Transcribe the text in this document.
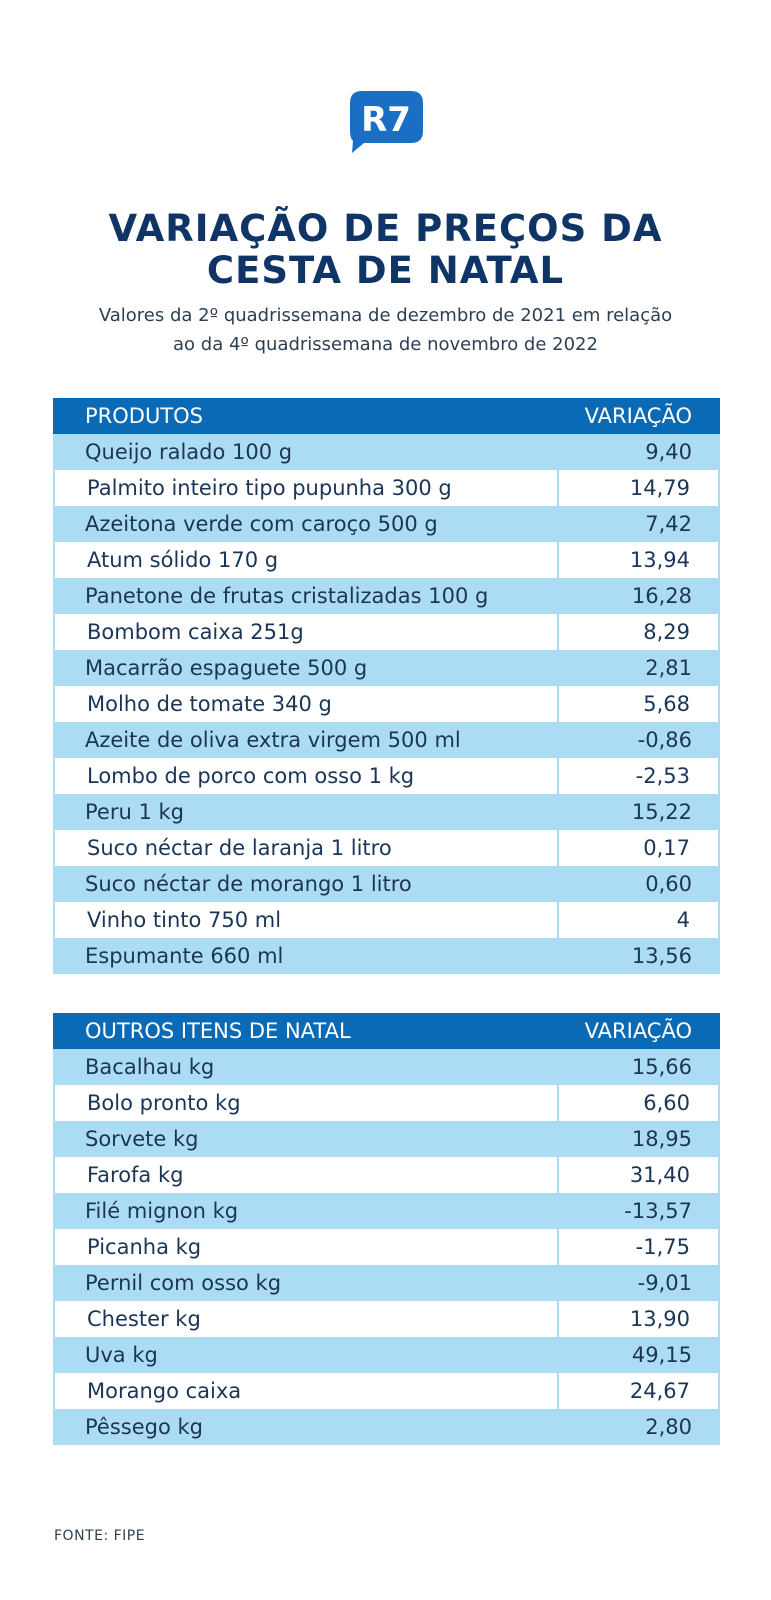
R7
VARIAÇÃO DE PREÇOS DA
CESTA DE NATAL
Valores da 2º quadrissemana de dezembro de 2021 em relação
ao da 4º quadrissemana de novembro de 2022
PRODUTOS	VARIAÇÃO
Queijo ralado 100 g	9,40
Palmito inteiro tipo pupunha 300 g	14,79
Azeitona verde com caroço 500 g	7,42
Atum sólido 170 g	13,94
Panetone de frutas cristalizadas 100 g	16,28
Bombom caixa 251g	8,29
Macarrão espaguete 500 g	2,81
Molho de tomate 340 g	5,68
Azeite de oliva extra virgem 500 ml	-0,86
Lombo de porco com osso 1 kg	-2,53
Peru 1 kg	15,22
Suco néctar de laranja 1 litro	0,17
Suco néctar de morango 1 litro	0,60
Vinho tinto 750 ml	4
Espumante 660 ml	13,56
OUTROS ITENS DE NATAL	VARIAÇÃO
Bacalhau kg	15,66
Bolo pronto kg	6,60
Sorvete kg	18,95
Farofa kg	31,40
Filé mignon kg	-13,57
Picanha kg	-1,75
Pernil com osso kg	-9,01
Chester kg	13,90
Uva kg	49,15
Morango caixa	24,67
Pêssego kg	2,80
FONTE: FIPE
